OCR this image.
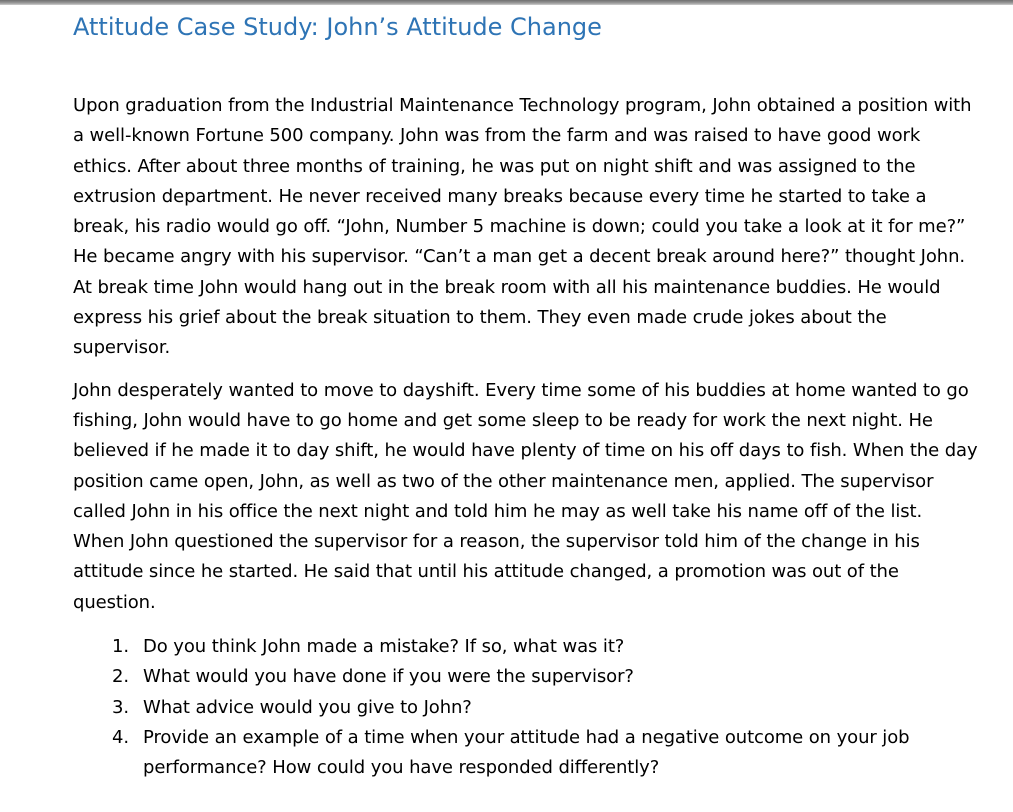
Attitude Case Study: John’s Attitude Change

Upon graduation from the Industrial Maintenance Technology program, John obtained a position with a well-known Fortune 500 company. John was from the farm and was raised to have good work ethics. After about three months of training, he was put on night shift and was assigned to the extrusion department. He never received many breaks because every time he started to take a break, his radio would go off. “John, Number 5 machine is down; could you take a look at it for me?” He became angry with his supervisor. “Can’t a man get a decent break around here?” thought John. At break time John would hang out in the break room with all his maintenance buddies. He would express his grief about the break situation to them. They even made crude jokes about the supervisor.

John desperately wanted to move to dayshift. Every time some of his buddies at home wanted to go fishing, John would have to go home and get some sleep to be ready for work the next night. He believed if he made it to day shift, he would have plenty of time on his off days to fish. When the day position came open, John, as well as two of the other maintenance men, applied. The supervisor called John in his office the next night and told him he may as well take his name off of the list. When John questioned the supervisor for a reason, the supervisor told him of the change in his attitude since he started. He said that until his attitude changed, a promotion was out of the question.

1. Do you think John made a mistake? If so, what was it?
2. What would you have done if you were the supervisor?
3. What advice would you give to John?
4. Provide an example of a time when your attitude had a negative outcome on your job performance? How could you have responded differently?
